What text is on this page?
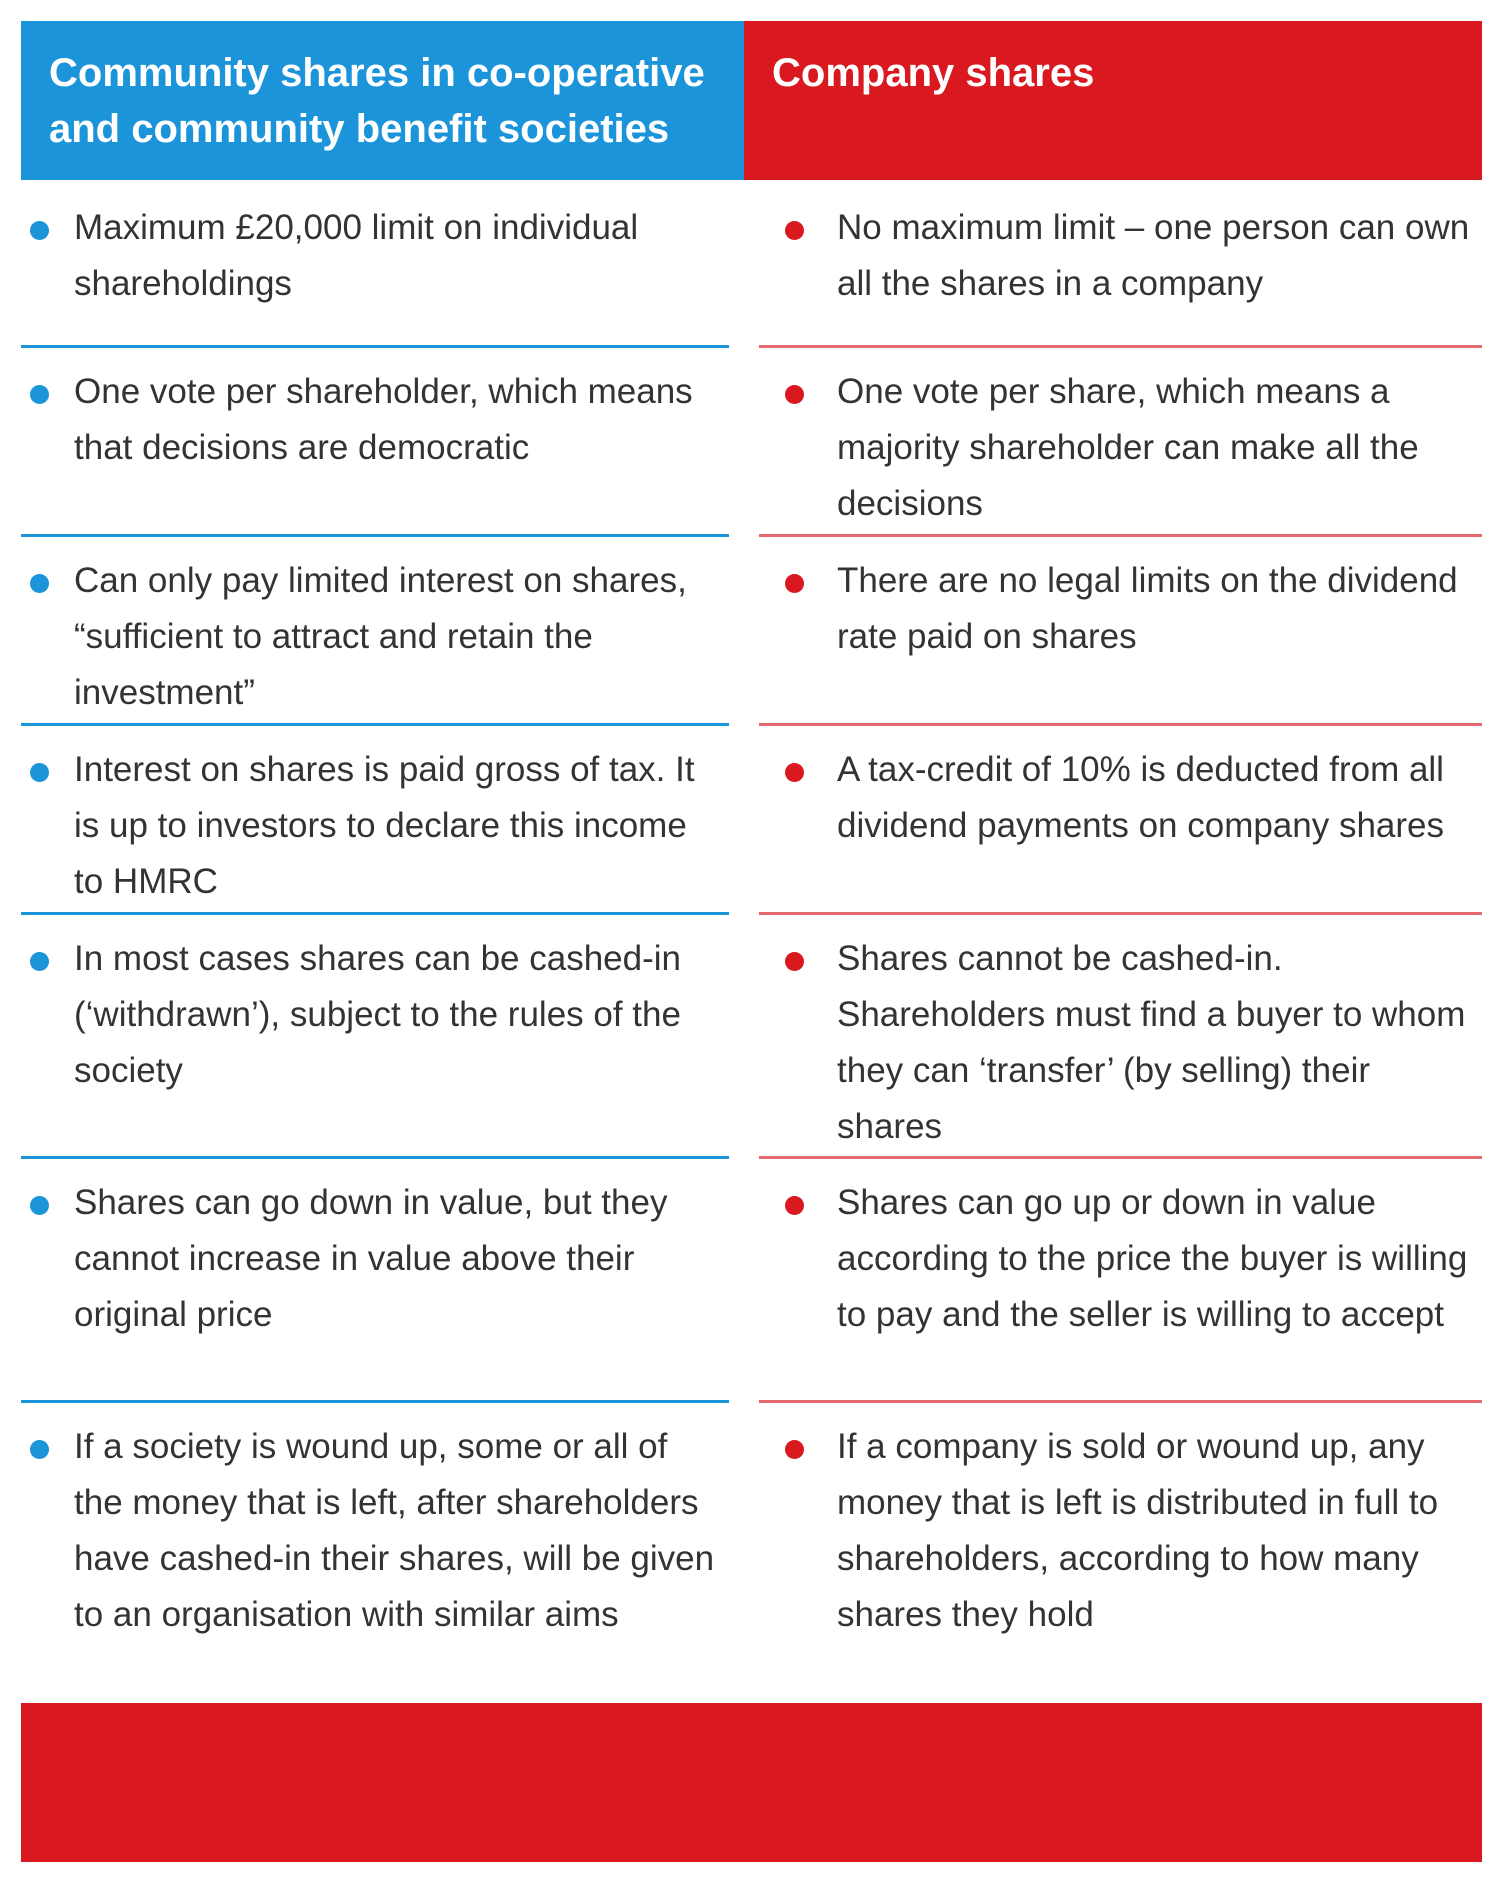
Community shares in co-operative and community benefit societies
Company shares
Maximum £20,000 limit on individual shareholdings
No maximum limit – one person can own all the shares in a company
One vote per shareholder, which means that decisions are democratic
One vote per share, which means a majority shareholder can make all the decisions
Can only pay limited interest on shares, “sufficient to attract and retain the investment”
There are no legal limits on the dividend rate paid on shares
Interest on shares is paid gross of tax. It is up to investors to declare this income to HMRC
A tax-credit of 10% is deducted from all dividend payments on company shares
In most cases shares can be cashed-in (‘withdrawn’), subject to the rules of the society
Shares cannot be cashed-in. Shareholders must find a buyer to whom they can ‘transfer’ (by selling) their shares
Shares can go down in value, but they cannot increase in value above their original price
Shares can go up or down in value according to the price the buyer is willing to pay and the seller is willing to accept
If a society is wound up, some or all of the money that is left, after shareholders have cashed-in their shares, will be given to an organisation with similar aims
If a company is sold or wound up, any money that is left is distributed in full to shareholders, according to how many shares they hold
